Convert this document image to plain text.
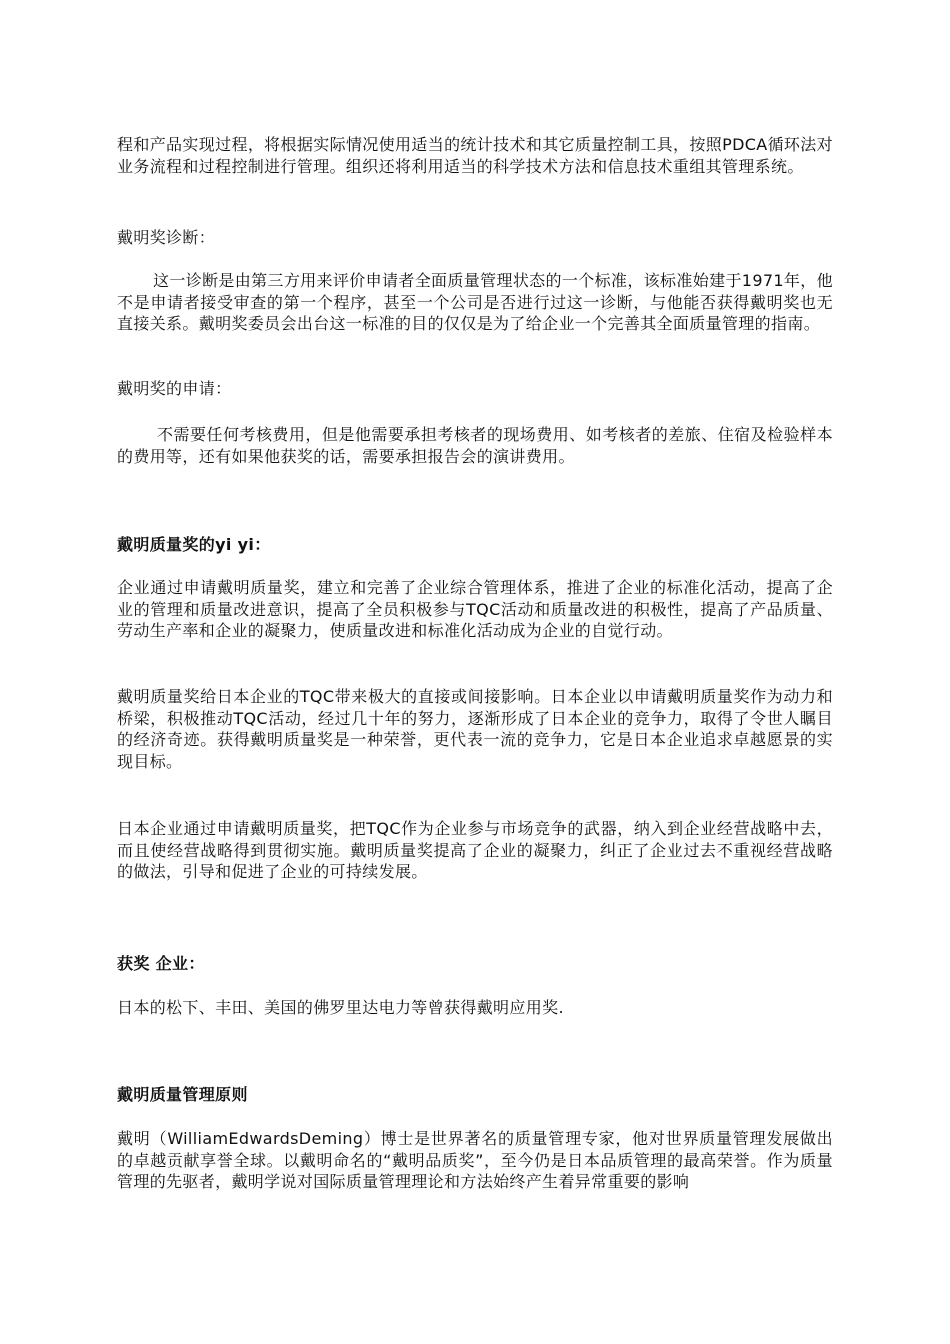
程和产品实现过程，将根据实际情况使用适当的统计技术和其它质量控制工具，按照PDCA循环法对业务流程和过程控制进行管理。组织还将利用适当的科学技术方法和信息技术重组其管理系统。

戴明奖诊断：

这一诊断是由第三方用来评价申请者全面质量管理状态的一个标准，该标准始建于1971年，他不是申请者接受审查的第一个程序，甚至一个公司是否进行过这一诊断，与他能否获得戴明奖也无直接关系。戴明奖委员会出台这一标准的目的仅仅是为了给企业一个完善其全面质量管理的指南。

戴明奖的申请：

不需要任何考核费用，但是他需要承担考核者的现场费用、如考核者的差旅、住宿及检验样本的费用等，还有如果他获奖的话，需要承担报告会的演讲费用。

戴明质量奖的yi yi：

企业通过申请戴明质量奖，建立和完善了企业综合管理体系，推进了企业的标准化活动，提高了企业的管理和质量改进意识，提高了全员积极参与TQC活动和质量改进的积极性，提高了产品质量、劳动生产率和企业的凝聚力，使质量改进和标准化活动成为企业的自觉行动。

戴明质量奖给日本企业的TQC带来极大的直接或间接影响。日本企业以申请戴明质量奖作为动力和桥梁，积极推动TQC活动，经过几十年的努力，逐渐形成了日本企业的竞争力，取得了令世人瞩目的经济奇迹。获得戴明质量奖是一种荣誉，更代表一流的竞争力，它是日本企业追求卓越愿景的实现目标。

日本企业通过申请戴明质量奖，把TQC作为企业参与市场竞争的武器，纳入到企业经营战略中去，而且使经营战略得到贯彻实施。戴明质量奖提高了企业的凝聚力，纠正了企业过去不重视经营战略的做法，引导和促进了企业的可持续发展。

获奖 企业：

日本的松下、丰田、美国的佛罗里达电力等曾获得戴明应用奖.

戴明质量管理原则

戴明（WilliamEdwardsDeming）博士是世界著名的质量管理专家，他对世界质量管理发展做出的卓越贡献享誉全球。以戴明命名的“戴明品质奖”，至今仍是日本品质管理的最高荣誉。作为质量管理的先驱者，戴明学说对国际质量管理理论和方法始终产生着异常重要的影响
